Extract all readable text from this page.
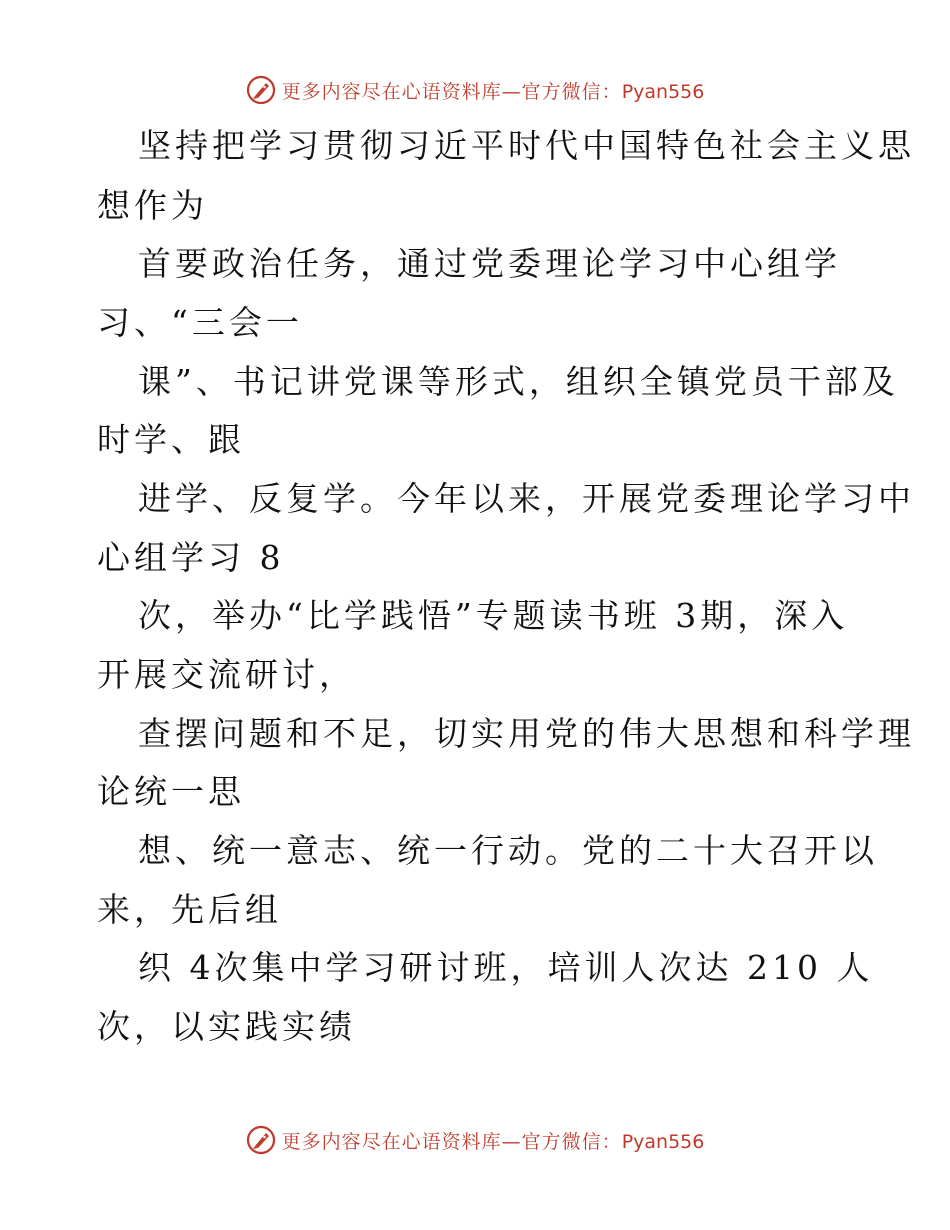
更多内容尽在心语资料库—官方微信：Pyan556
坚持把学习贯彻习近平时代中国特色社会主义思
想作为
首要政治任务，通过党委理论学习中心组学
习、“三会一
课”、书记讲党课等形式，组织全镇党员干部及
时学、跟
进学、反复学。今年以来，开展党委理论学习中
心组学习 8
次，举办“比学践悟”专题读书班 3期，深入
开展交流研讨，
查摆问题和不足，切实用党的伟大思想和科学理
论统一思
想、统一意志、统一行动。党的二十大召开以
来，先后组
织 4次集中学习研讨班，培训人次达 210 人
次，以实践实绩
更多内容尽在心语资料库—官方微信：Pyan556
